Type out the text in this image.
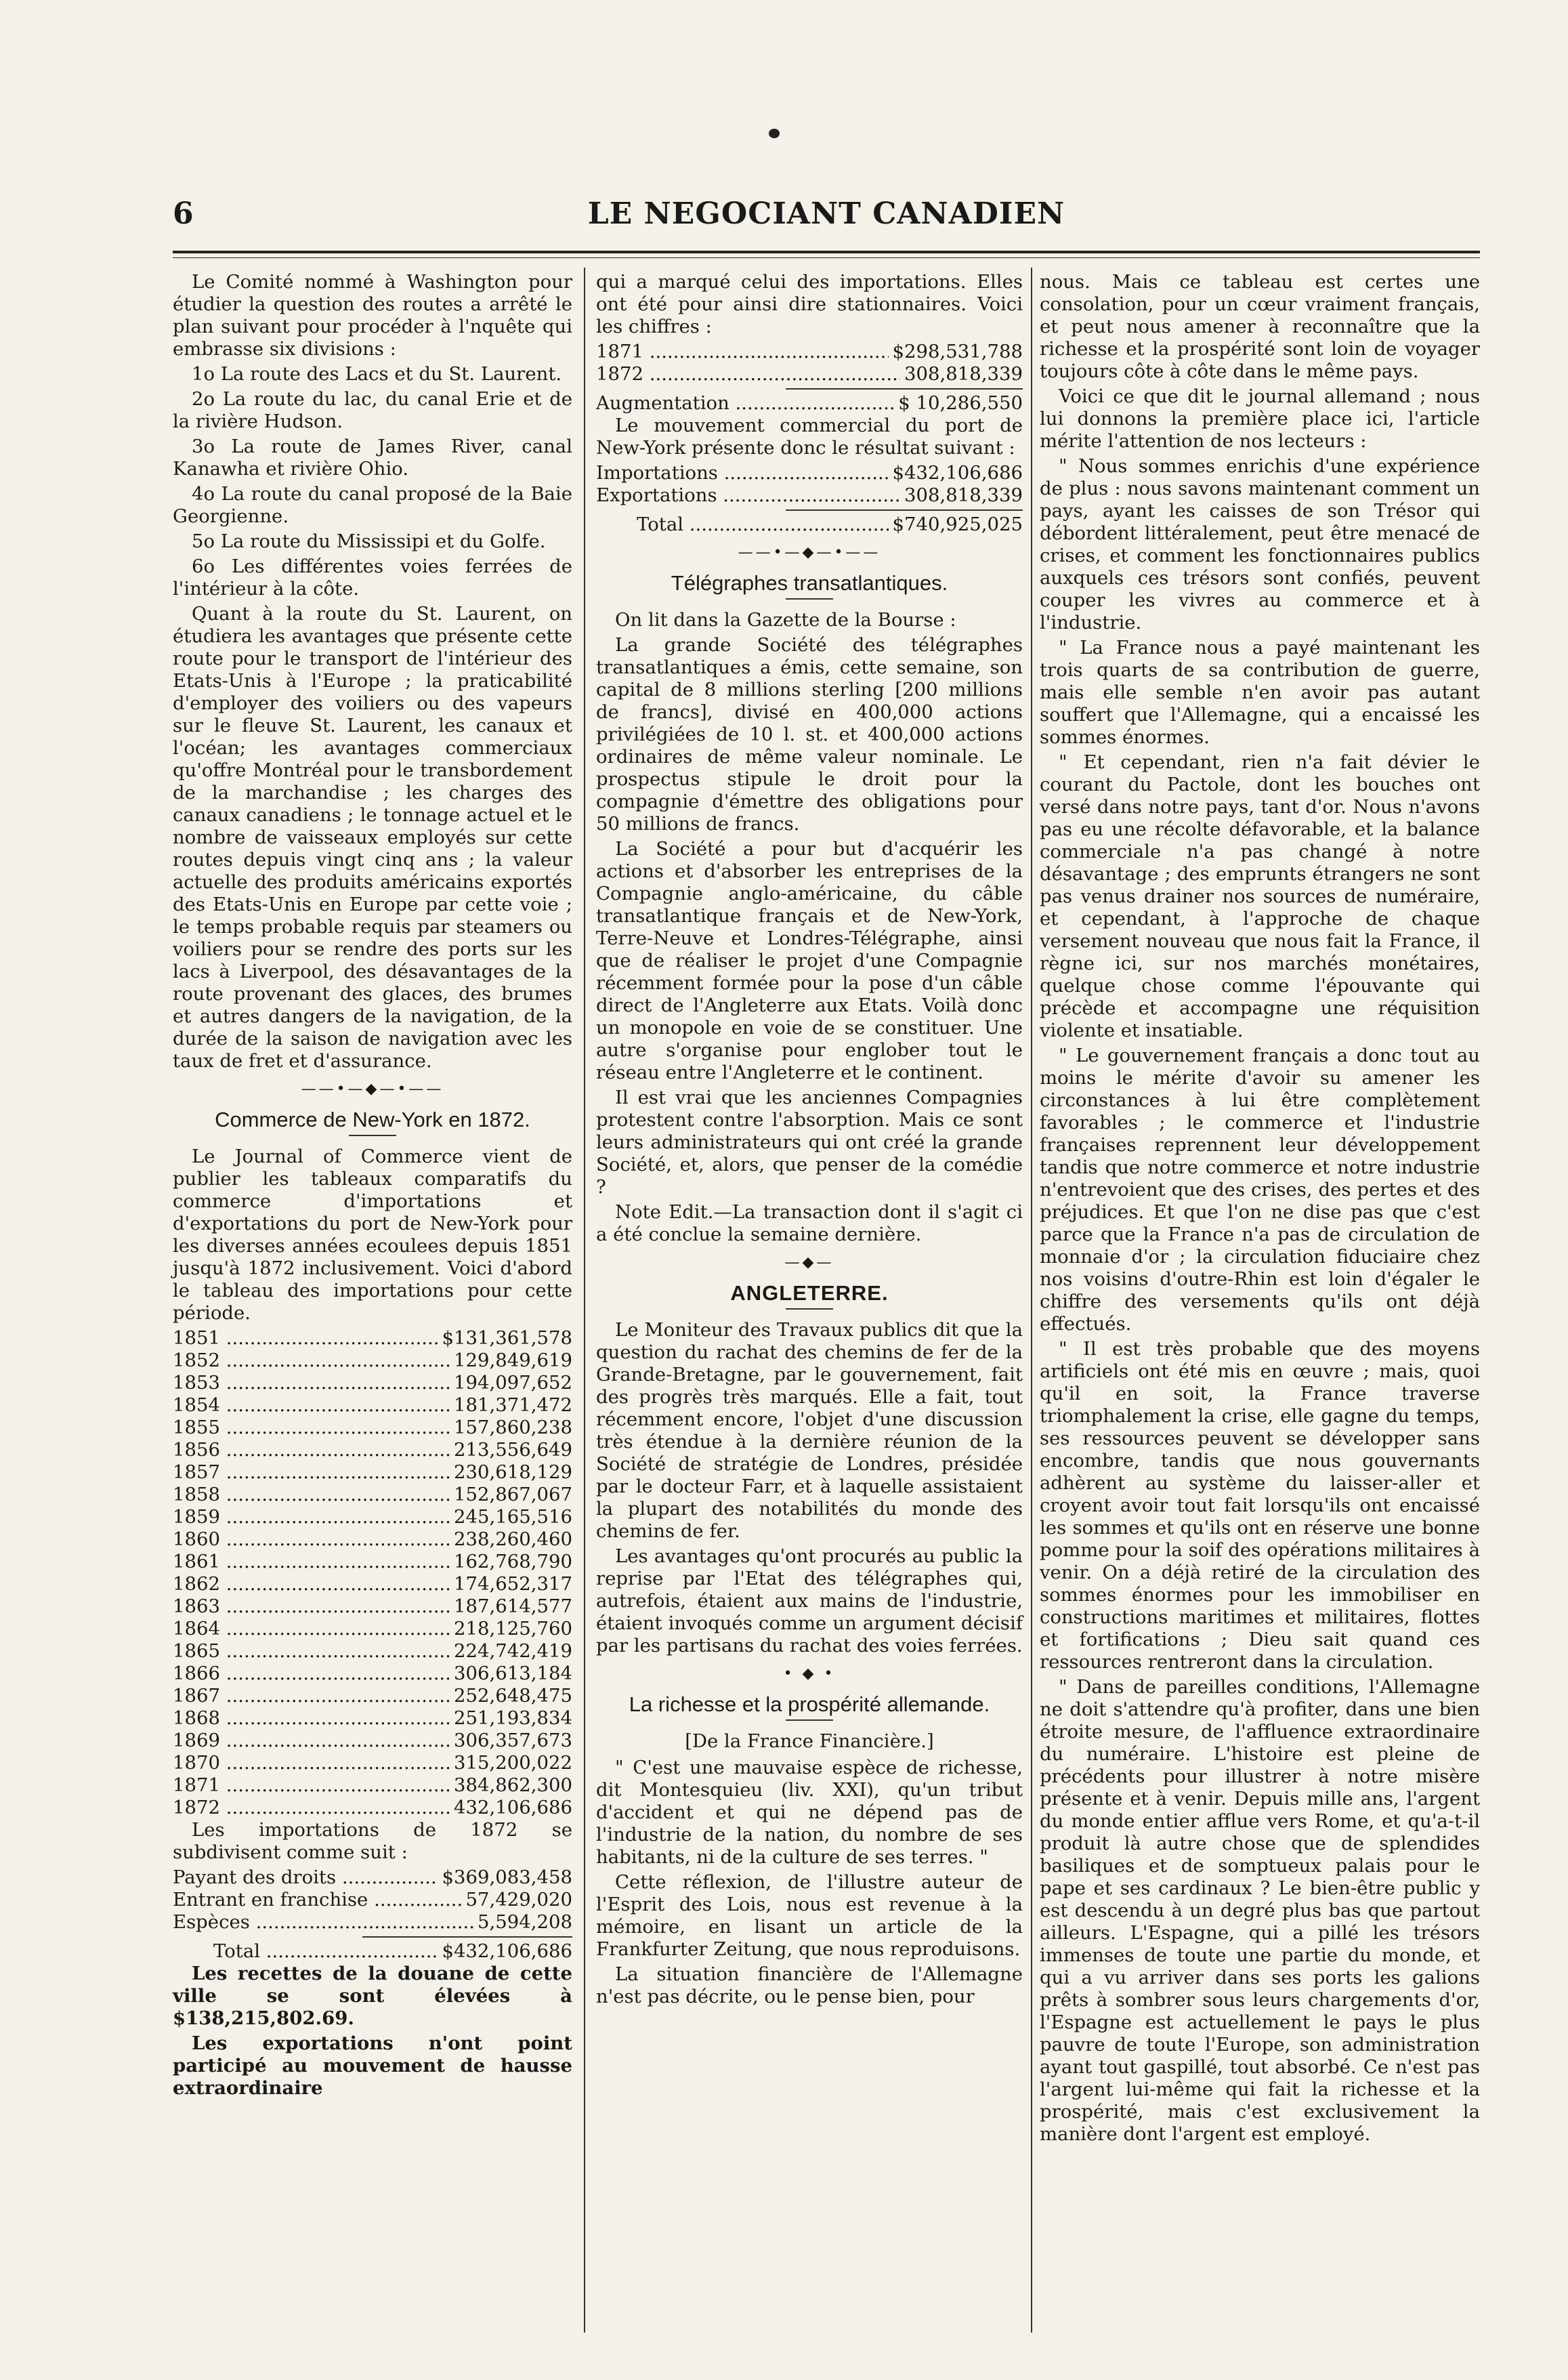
6	LE NEGOCIANT CANADIEN

Le Comité nommé à Washington pour étudier la question des routes a arrêté le plan suivant pour procéder à l'nquête qui embrasse six divisions :

1o La route des Lacs et du St. Laurent.

2o La route du lac, du canal Erie et de la rivière Hudson.

3o La route de James River, canal Kanawha et rivière Ohio.

4o La route du canal proposé de la Baie Georgienne.

5o La route du Mississipi et du Golfe.

6o Les différentes voies ferrées de l'intérieur à la côte.

Quant à la route du St. Laurent, on étudiera les avantages que présente cette route pour le transport de l'intérieur des Etats-Unis à l'Europe ; la praticabilité d'employer des voiliers ou des vapeurs sur le fleuve St. Laurent, les canaux et l'océan; les avantages commerciaux qu'offre Montréal pour le transbordement de la marchandise ; les charges des canaux canadiens ; le tonnage actuel et le nombre de vaisseaux employés sur cette routes depuis vingt cinq ans ; la valeur actuelle des produits américains exportés des Etats-Unis en Europe par cette voie ; le temps probable requis par steamers ou voiliers pour se rendre des ports sur les lacs à Liverpool, des désavantages de la route provenant des glaces, des brumes et autres dangers de la navigation, de la durée de la saison de navigation avec les taux de fret et d'assurance.

——•—◆—•——
Commerce de New-York en 1872.

Le Journal of Commerce vient de publier les tableaux comparatifs du commerce d'importations et d'exportations du port de New-York pour les diverses années ecoulees depuis 1851 jusqu'à 1872 inclusivement. Voici d'abord le tableau des importations pour cette période.

1851 .....	$131,361,578
1852 .....	129,849,619
1853 .....	194,097,652
1854 .....	181,371,472
1855 .....	157,860,238
1856 .....	213,556,649
1857 .....	230,618,129
1858 .....	152,867,067
1859 .....	245,165,516
1860 .....	238,260,460
1861 .....	162,768,790
1862 .....	174,652,317
1863 .....	187,614,577
1864 .....	218,125,760
1865 .....	224,742,419
1866 .....	306,613,184
1867 .....	252,648,475
1868 .....	251,193,834
1869 .....	306,357,673
1870 .....	315,200,022
1871 .....	384,862,300
1872 .....	432,106,686

Les importations de 1872 se subdivisent comme suit :

Payant des droits .....	$369,083,458
Entrant en franchise .....	57,429,020
Espèces .....	5,594,208
Total .....	$432,106,686

Les recettes de la douane de cette ville se sont élevées à $138,215,802.69.

Les exportations n'ont point participé au mouvement de hausse extraordinaire

qui a marqué celui des importations. Elles ont été pour ainsi dire stationnaires. Voici les chiffres :

1871 .....	$298,531,788
1872 .....	308,818,339
Augmentation .....	$ 10,286,550

Le mouvement commercial du port de New-York présente donc le résultat suivant :

Importations .....	$432,106,686
Exportations .....	308,818,339
Total .....	$740,925,025
——•—◆—•——
Télégraphes transatlantiques.

On lit dans la Gazette de la Bourse :

La grande Société des télégraphes transatlantiques a émis, cette semaine, son capital de 8 millions sterling [200 millions de francs], divisé en 400,000 actions privilégiées de 10 l. st. et 400,000 actions ordinaires de même valeur nominale. Le prospectus stipule le droit pour la compagnie d'émettre des obligations pour 50 millions de francs.

La Société a pour but d'acquérir les actions et d'absorber les entreprises de la Compagnie anglo-américaine, du câble transatlantique français et de New-York, Terre-Neuve et Londres-Télégraphe, ainsi que de réaliser le projet d'une Compagnie récemment formée pour la pose d'un câble direct de l'Angleterre aux Etats. Voilà donc un monopole en voie de se constituer. Une autre s'organise pour englober tout le réseau entre l'Angleterre et le continent.

Il est vrai que les anciennes Compagnies protestent contre l'absorption. Mais ce sont leurs administrateurs qui ont créé la grande Société, et, alors, que penser de la comédie ?

Note Edit.—La transaction dont il s'agit ci a été conclue la semaine dernière.

—◆—
ANGLETERRE.

Le Moniteur des Travaux publics dit que la question du rachat des chemins de fer de la Grande-Bretagne, par le gouvernement, fait des progrès très marqués. Elle a fait, tout récemment encore, l'objet d'une discussion très étendue à la dernière réunion de la Société de stratégie de Londres, présidée par le docteur Farr, et à laquelle assistaient la plupart des notabilités du monde des chemins de fer.

Les avantages qu'ont procurés au public la reprise par l'Etat des télégraphes qui, autrefois, étaient aux mains de l'industrie, étaient invoqués comme un argument décisif par les partisans du rachat des voies ferrées.

• ◆ •
La richesse et la prospérité allemande.
[De la France Financière.]

" C'est une mauvaise espèce de richesse, dit Montesquieu (liv. XXI), qu'un tribut d'accident et qui ne dépend pas de l'industrie de la nation, du nombre de ses habitants, ni de la culture de ses terres. "

Cette réflexion, de l'illustre auteur de l'Esprit des Lois, nous est revenue à la mémoire, en lisant un article de la Frankfurter Zeitung, que nous reproduisons.

La situation financière de l'Allemagne n'est pas décrite, ou le pense bien, pour

nous. Mais ce tableau est certes une consolation, pour un cœur vraiment français, et peut nous amener à reconnaître que la richesse et la prospérité sont loin de voyager toujours côte à côte dans le même pays.

Voici ce que dit le journal allemand ; nous lui donnons la première place ici, l'article mérite l'attention de nos lecteurs :

" Nous sommes enrichis d'une expérience de plus : nous savons maintenant comment un pays, ayant les caisses de son Trésor qui débordent littéralement, peut être menacé de crises, et comment les fonctionnaires publics auxquels ces trésors sont confiés, peuvent couper les vivres au commerce et à l'industrie.

" La France nous a payé maintenant les trois quarts de sa contribution de guerre, mais elle semble n'en avoir pas autant souffert que l'Allemagne, qui a encaissé les sommes énormes.

" Et cependant, rien n'a fait dévier le courant du Pactole, dont les bouches ont versé dans notre pays, tant d'or. Nous n'avons pas eu une récolte défavorable, et la balance commerciale n'a pas changé à notre désavantage ; des emprunts étrangers ne sont pas venus drainer nos sources de numéraire, et cependant, à l'approche de chaque versement nouveau que nous fait la France, il règne ici, sur nos marchés monétaires, quelque chose comme l'épouvante qui précède et accompagne une réquisition violente et insatiable.

" Le gouvernement français a donc tout au moins le mérite d'avoir su amener les circonstances à lui être complètement favorables ; le commerce et l'industrie françaises reprennent leur développement tandis que notre commerce et notre industrie n'entrevoient que des crises, des pertes et des préjudices. Et que l'on ne dise pas que c'est parce que la France n'a pas de circulation de monnaie d'or ; la circulation fiduciaire chez nos voisins d'outre-Rhin est loin d'égaler le chiffre des versements qu'ils ont déjà effectués.

" Il est très probable que des moyens artificiels ont été mis en œuvre ; mais, quoi qu'il en soit, la France traverse triomphalement la crise, elle gagne du temps, ses ressources peuvent se développer sans encombre, tandis que nous gouvernants adhèrent au système du laisser-aller et croyent avoir tout fait lorsqu'ils ont encaissé les sommes et qu'ils ont en réserve une bonne pomme pour la soif des opérations militaires à venir. On a déjà retiré de la circulation des sommes énormes pour les immobiliser en constructions maritimes et militaires, flottes et fortifications ; Dieu sait quand ces ressources rentreront dans la circulation.

" Dans de pareilles conditions, l'Allemagne ne doit s'attendre qu'à profiter, dans une bien étroite mesure, de l'affluence extraordinaire du numéraire. L'histoire est pleine de précédents pour illustrer à notre misère présente et à venir. Depuis mille ans, l'argent du monde entier afflue vers Rome, et qu'a-t-il produit là autre chose que de splendides basiliques et de somptueux palais pour le pape et ses cardinaux ? Le bien-être public y est descendu à un degré plus bas que partout ailleurs. L'Espagne, qui a pillé les trésors immenses de toute une partie du monde, et qui a vu arriver dans ses ports les galions prêts à sombrer sous leurs chargements d'or, l'Espagne est actuellement le pays le plus pauvre de toute l'Europe, son administration ayant tout gaspillé, tout absorbé. Ce n'est pas l'argent lui-même qui fait la richesse et la prospérité, mais c'est exclusivement la manière dont l'argent est employé.
